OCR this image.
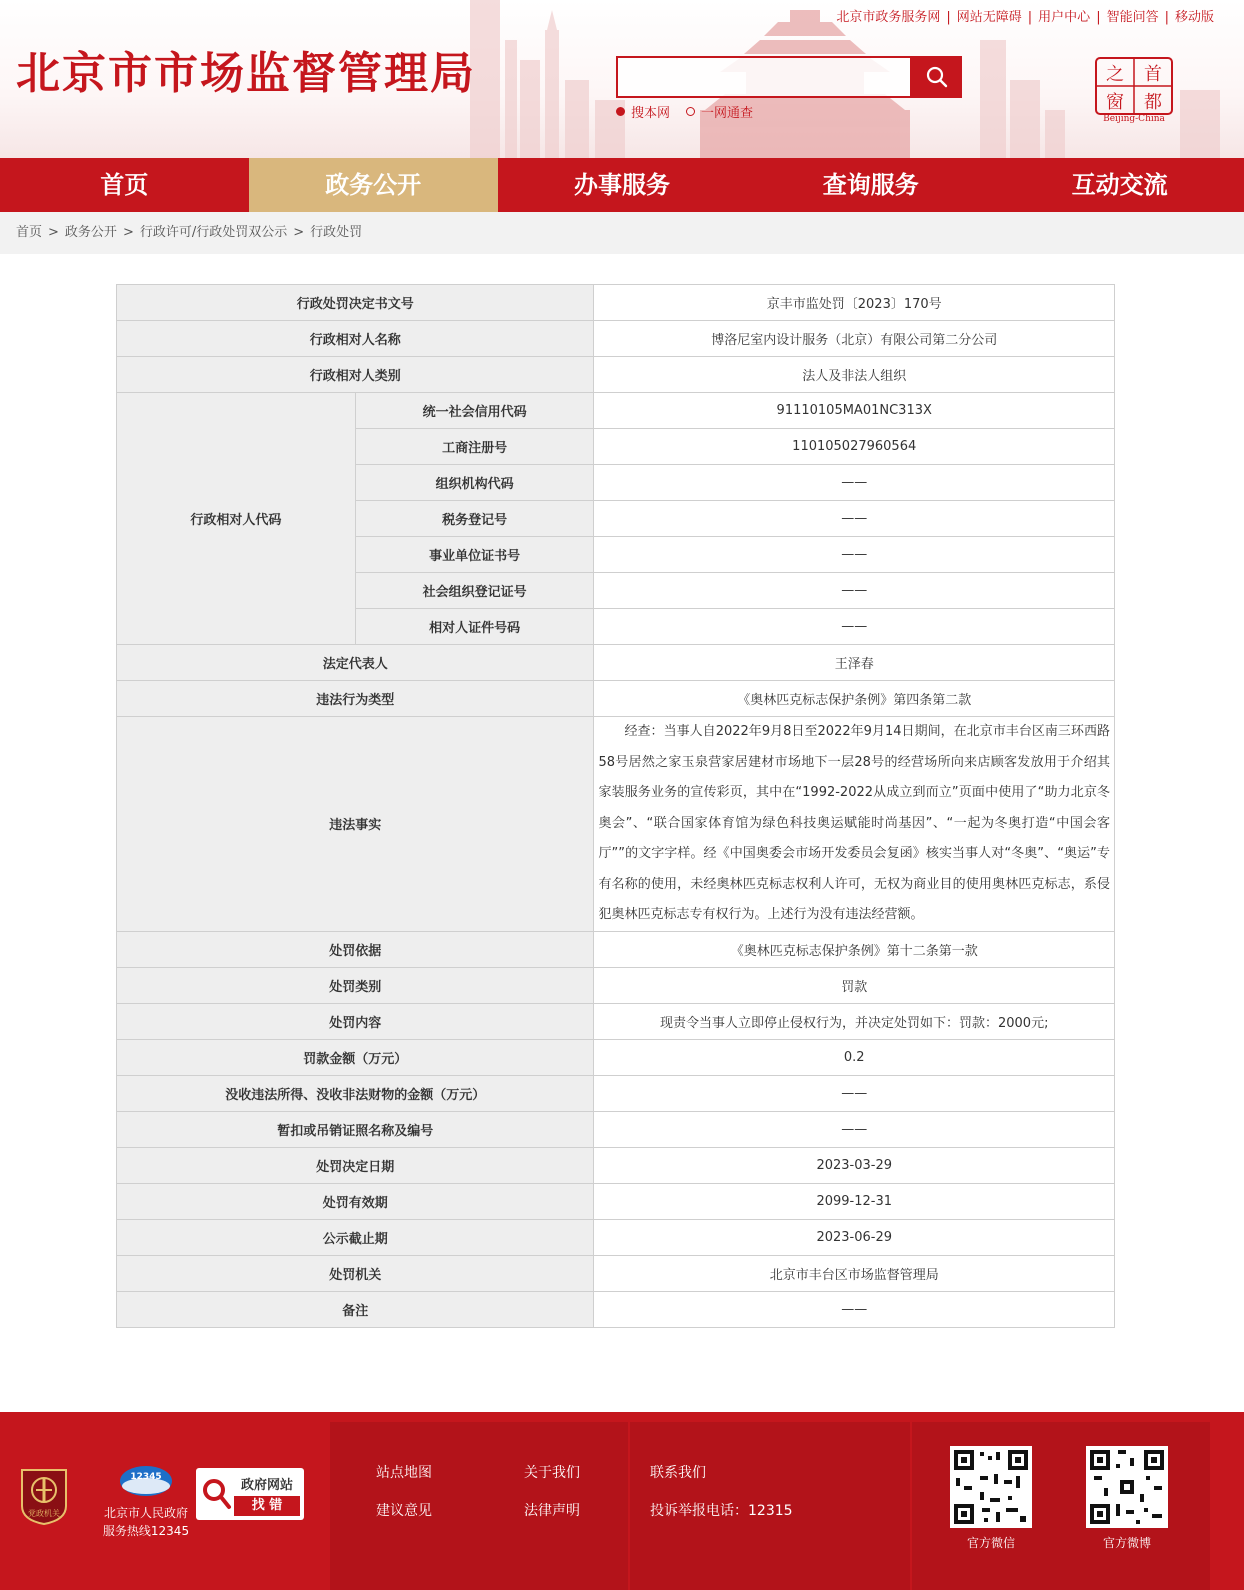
北京市市场监督管理局
北京市政务服务网 | 网站无障碍 | 用户中心 | 智能问答 | 移动版
搜本网 一网通查
之 首
窗 都
Beijing-China
首页	政务公开	办事服务	查询服务	互动交流
首页 > 政务公开 > 行政许可/行政处罚双公示 > 行政处罚
行政处罚决定书文号		京丰市监处罚〔2023〕170号
行政相对人名称		博洛尼室内设计服务（北京）有限公司第二分公司
行政相对人类别		法人及非法人组织
行政相对人代码	统一社会信用代码	91110105MA01NC313X
	工商注册号	110105027960564
	组织机构代码	——
	税务登记号	——
	事业单位证书号	——
	社会组织登记证号	——
	相对人证件号码	——
法定代表人		王泽春
违法行为类型		《奥林匹克标志保护条例》第四条第二款
违法事实		　　经查：当事人自2022年9月8日至2022年9月14日期间，在北京市丰台区南三环西路58号居然之家玉泉营家居建材市场地下一层28号的经营场所向来店顾客发放用于介绍其家装服务业务的宣传彩页，其中在“1992-2022从成立到而立”页面中使用了“助力北京冬奥会”、“联合国家体育馆为绿色科技奥运赋能时尚基因”、“一起为冬奥打造“中国会客厅””的文字字样。经《中国奥委会市场开发委员会复函》核实当事人对“冬奥”、“奥运”专有名称的使用，未经奥林匹克标志权利人许可，无权为商业目的使用奥林匹克标志，系侵犯奥林匹克标志专有权行为。上述行为没有违法经营额。
处罚依据		《奥林匹克标志保护条例》第十二条第一款
处罚类别		罚款
处罚内容		现责令当事人立即停止侵权行为，并决定处罚如下：罚款：2000元;
罚款金额（万元）		0.2
没收违法所得、没收非法财物的金额（万元）		——
暂扣或吊销证照名称及编号		——
处罚决定日期		2023-03-29
处罚有效期		2099-12-31
公示截止期		2023-06-29
处罚机关		北京市丰台区市场监督管理局
备注		——
党政机关
12345
北京市人民政府
服务热线12345
政府网站
找 错
站点地图	关于我们	联系我们
建议意见	法律声明	投诉举报电话：12315
官方微信	官方微博
